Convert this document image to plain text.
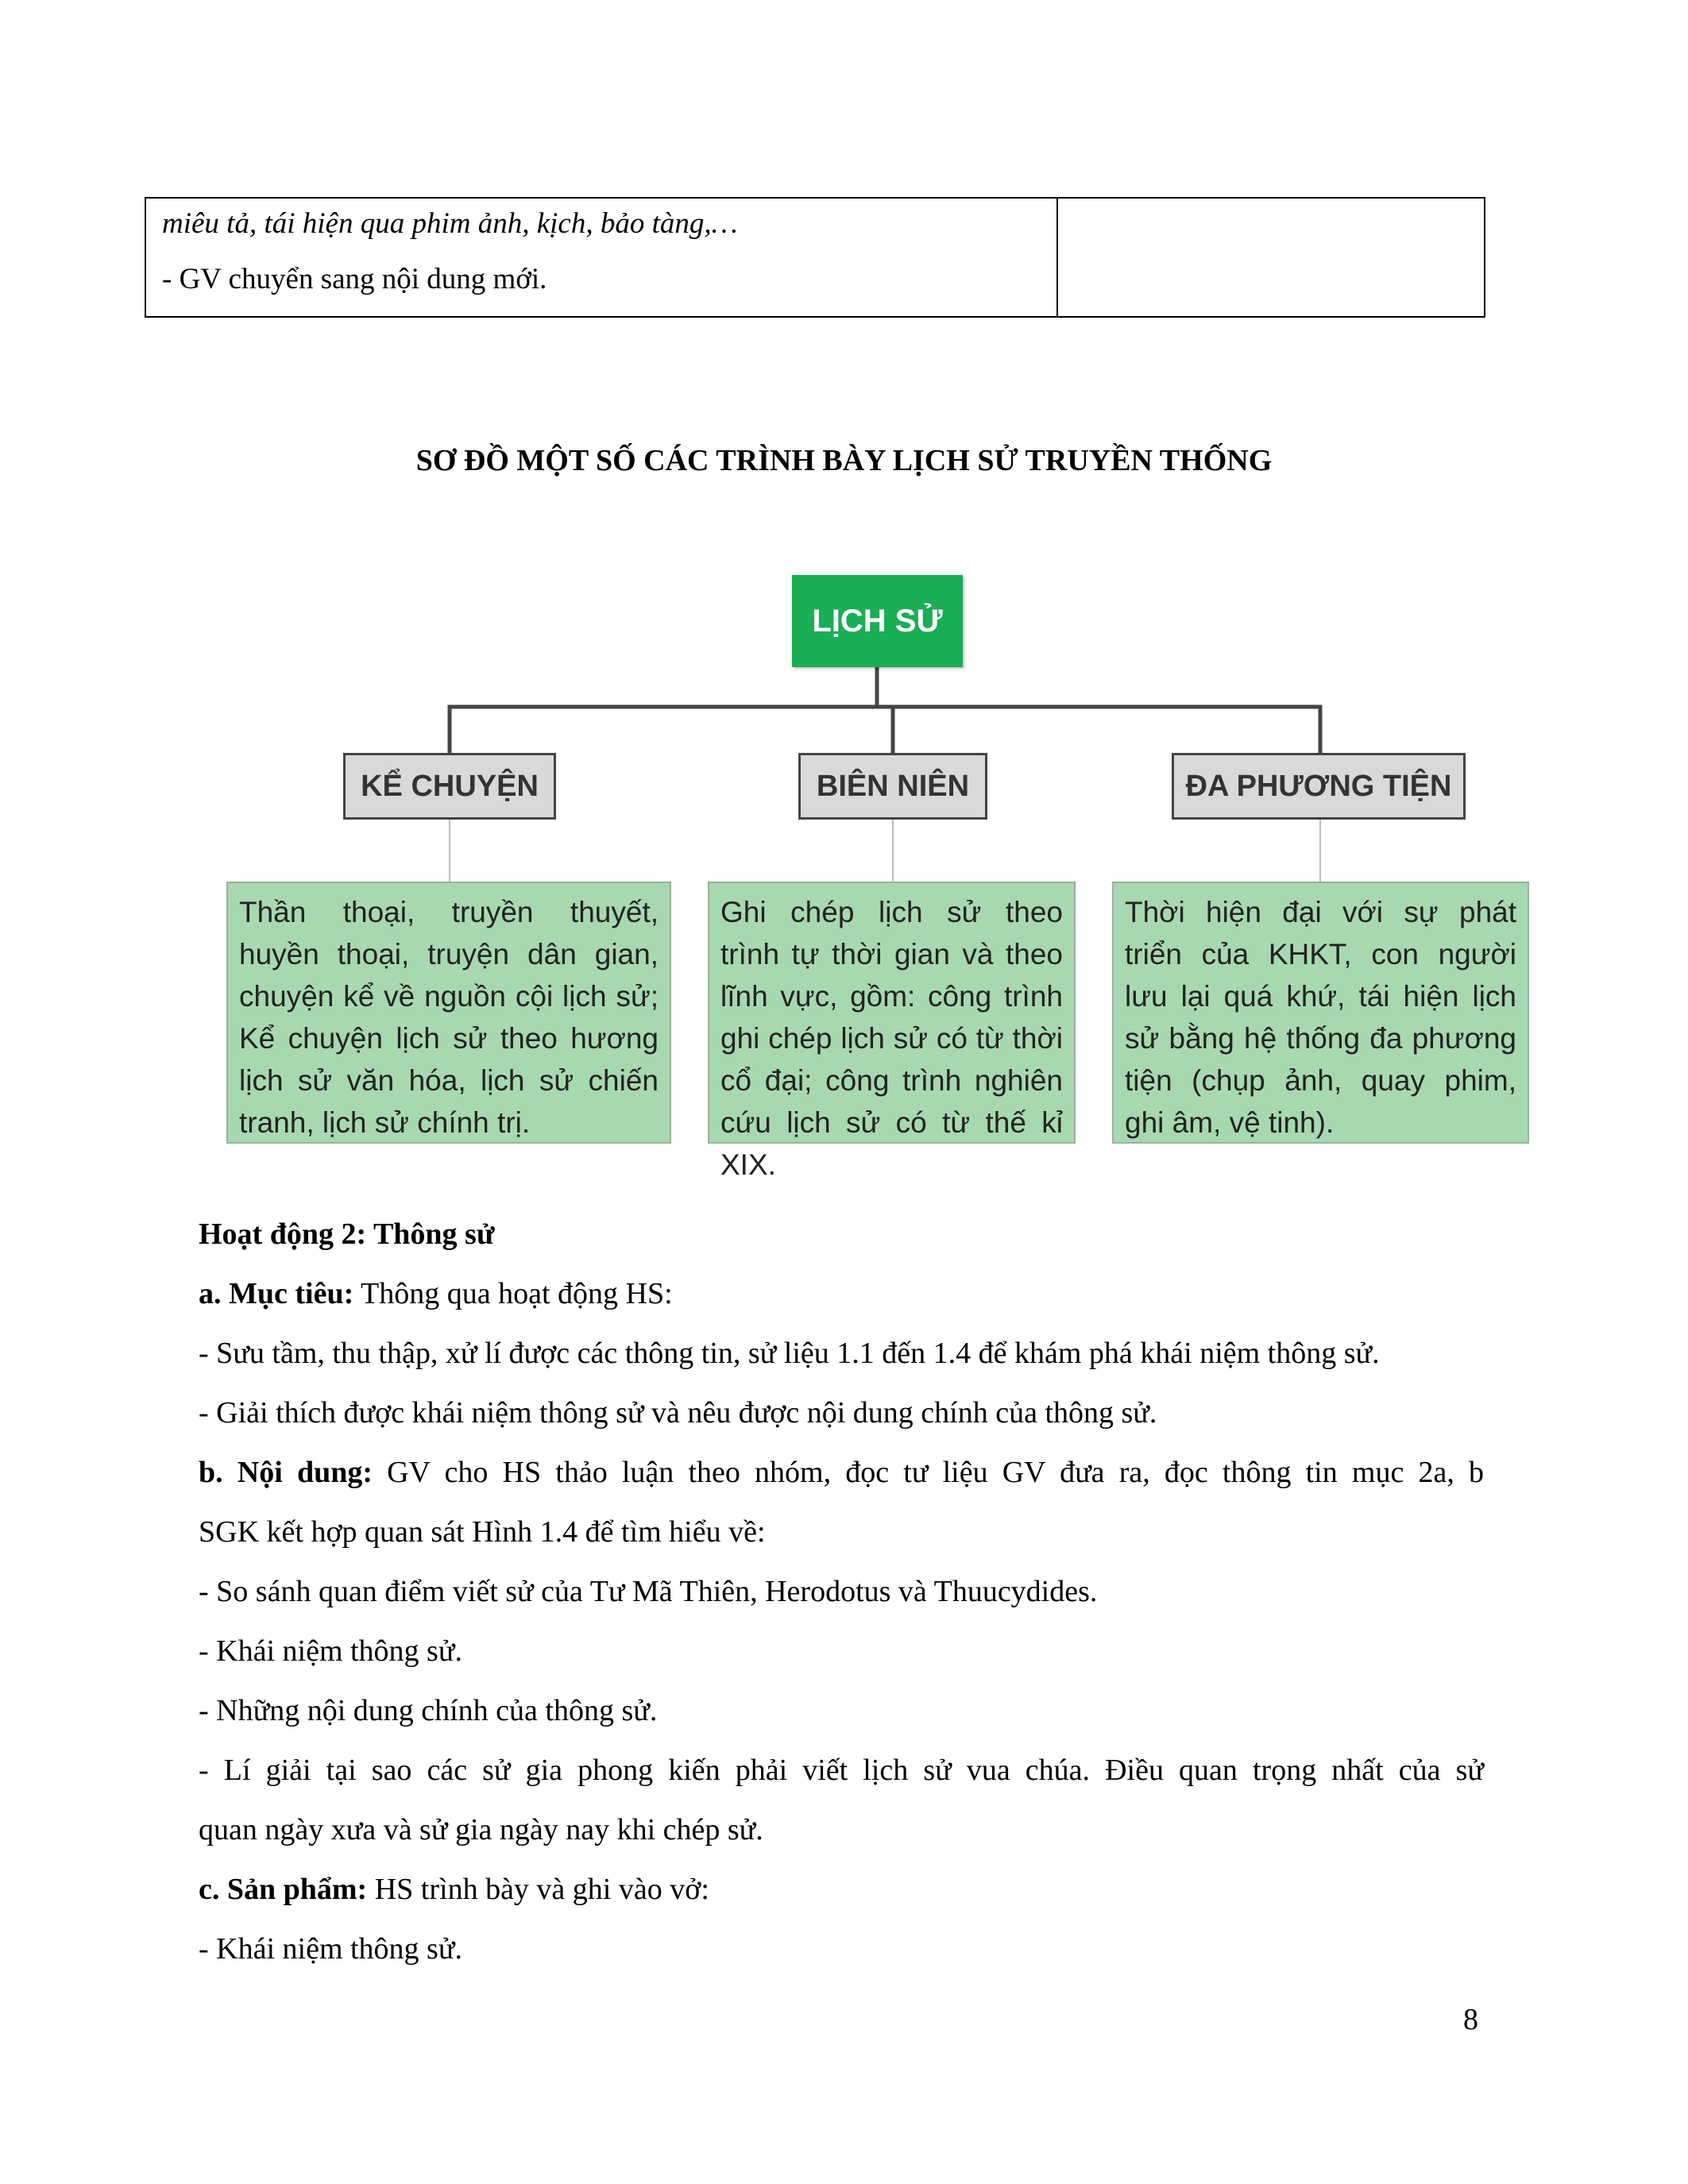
miêu tả, tái hiện qua phim ảnh, kịch, bảo tàng,…
- GV chuyển sang nội dung mới.
SƠ ĐỒ MỘT SỐ CÁC TRÌNH BÀY LỊCH SỬ TRUYỀN THỐNG
LỊCH SỬ
KỂ CHUYỆN	BIÊN NIÊN	ĐA PHƯƠNG TIỆN
Thần thoại, truyền thuyết, huyền thoại, truyện dân gian, chuyện kể về nguồn cội lịch sử; Kể chuyện lịch sử theo hương lịch sử văn hóa, lịch sử chiến tranh, lịch sử chính trị.
Ghi chép lịch sử theo trình tự thời gian và theo lĩnh vực, gồm: công trình ghi chép lịch sử có từ thời cổ đại; công trình nghiên cứu lịch sử có từ thế kỉ XIX.
Thời hiện đại với sự phát triển của KHKT, con người lưu lại quá khứ, tái hiện lịch sử bằng hệ thống đa phương tiện (chụp ảnh, quay phim, ghi âm, vệ tinh).
Hoạt động 2: Thông sử
a. Mục tiêu: Thông qua hoạt động HS:
- Sưu tầm, thu thập, xử lí được các thông tin, sử liệu 1.1 đến 1.4 để khám phá khái niệm thông sử.
- Giải thích được khái niệm thông sử và nêu được nội dung chính của thông sử.
b. Nội dung: GV cho HS thảo luận theo nhóm, đọc tư liệu GV đưa ra, đọc thông tin mục 2a, b
SGK kết hợp quan sát Hình 1.4 để tìm hiểu về:
- So sánh quan điểm viết sử của Tư Mã Thiên, Herodotus và Thuucydides.
- Khái niệm thông sử.
- Những nội dung chính của thông sử.
- Lí giải tại sao các sử gia phong kiến phải viết lịch sử vua chúa. Điều quan trọng nhất của sử
quan ngày xưa và sử gia ngày nay khi chép sử.
c. Sản phẩm: HS trình bày và ghi vào vở:
- Khái niệm thông sử.
8
